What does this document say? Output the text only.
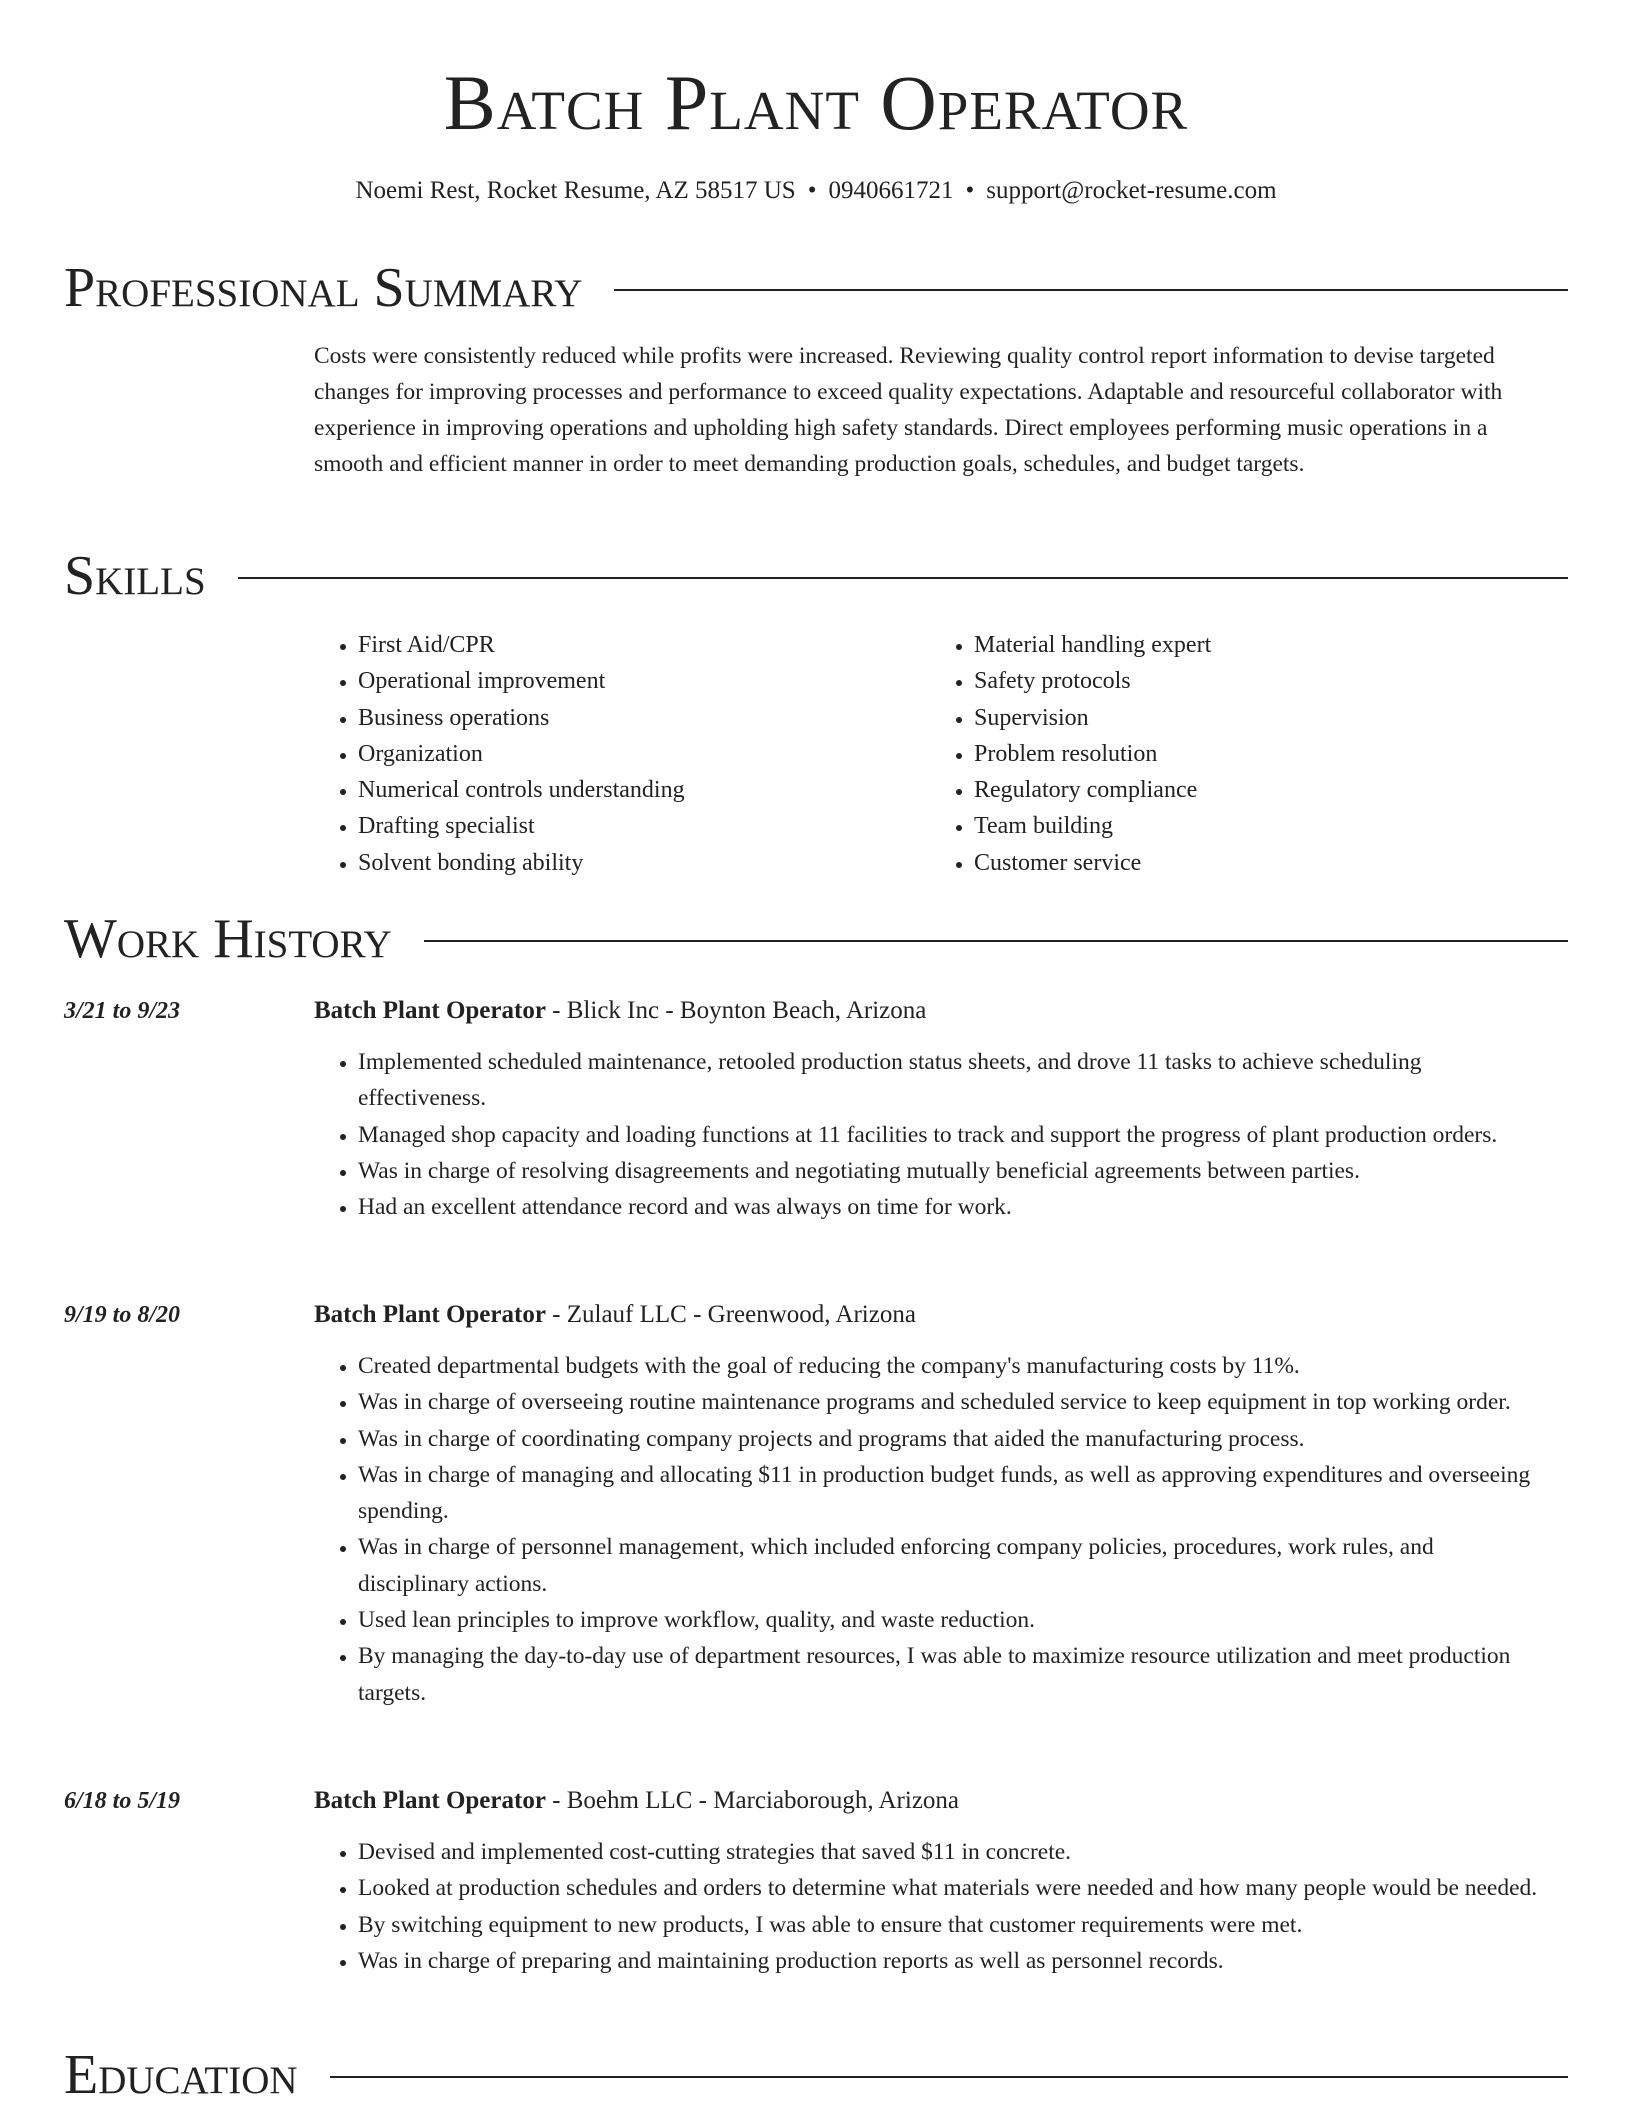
Batch Plant Operator
Noemi Rest, Rocket Resume, AZ 58517 US • 0940661721 • support@rocket-resume.com
Professional Summary

Costs were consistently reduced while profits were increased. Reviewing quality control report information to devise targeted changes for improving processes and performance to exceed quality expectations. Adaptable and resourceful collaborator with experience in improving operations and upholding high safety standards. Direct employees performing music operations in a smooth and efficient manner in order to meet demanding production goals, schedules, and budget targets.

Skills
• First Aid/CPR
• Operational improvement
• Business operations
• Organization
• Numerical controls understanding
• Drafting specialist
• Solvent bonding ability
• Material handling expert
• Safety protocols
• Supervision
• Problem resolution
• Regulatory compliance
• Team building
• Customer service
Work History
3/21 to 9/23	Batch Plant Operator - Blick Inc - Boynton Beach, Arizona
• Implemented scheduled maintenance, retooled production status sheets, and drove 11 tasks to achieve scheduling effectiveness.
• Managed shop capacity and loading functions at 11 facilities to track and support the progress of plant production orders.
• Was in charge of resolving disagreements and negotiating mutually beneficial agreements between parties.
• Had an excellent attendance record and was always on time for work.
9/19 to 8/20	Batch Plant Operator - Zulauf LLC - Greenwood, Arizona
• Created departmental budgets with the goal of reducing the company's manufacturing costs by 11%.
• Was in charge of overseeing routine maintenance programs and scheduled service to keep equipment in top working order.
• Was in charge of coordinating company projects and programs that aided the manufacturing process.
• Was in charge of managing and allocating $11 in production budget funds, as well as approving expenditures and overseeing spending.
• Was in charge of personnel management, which included enforcing company policies, procedures, work rules, and disciplinary actions.
• Used lean principles to improve workflow, quality, and waste reduction.
• By managing the day-to-day use of department resources, I was able to maximize resource utilization and meet production targets.
6/18 to 5/19	Batch Plant Operator - Boehm LLC - Marciaborough, Arizona
• Devised and implemented cost-cutting strategies that saved $11 in concrete.
• Looked at production schedules and orders to determine what materials were needed and how many people would be needed.
• By switching equipment to new products, I was able to ensure that customer requirements were met.
• Was in charge of preparing and maintaining production reports as well as personnel records.
Education
